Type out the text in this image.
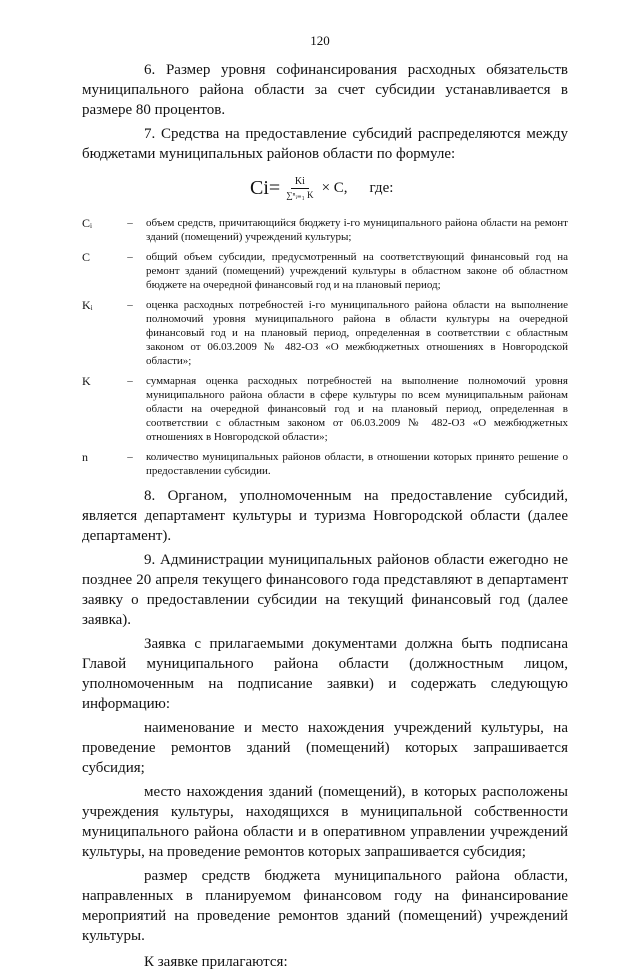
120

6. Размер уровня софинансирования расходных обязательств муниципального района области за счет субсидии устанавливается в размере 80 процентов.

7. Средства на предоставление субсидий распределяются между бюджетами муниципальных районов области по формуле:

$Ci= \frac{Ki}{\text{∑ⁿᵢ₌₁ K}} \times С$, где:
Cᵢ	–	объем средств, причитающийся бюджету i-го муниципального района области на ремонт зданий (помещений) учреждений культуры;
С	–	общий объем субсидии, предусмотренный на соответствующий финансовый год на ремонт зданий (помещений) учреждений культуры в областном законе об областном бюджете на очередной финансовый год и на плановый период;
Kᵢ	–	оценка расходных потребностей i-го муниципального района области на выполнение полномочий уровня муниципального района в области культуры на очередной финансовый год и на плановый период, определенная в соответствии с областным законом от 06.03.2009 № 482-ОЗ «О межбюджетных отношениях в Новгородской области»;
K	–	суммарная оценка расходных потребностей на выполнение полномочий уровня муниципального района области в сфере культуры по всем муниципальным районам области на очередной финансовый год и на плановый период, определенная в соответствии с областным законом от 06.03.2009 № 482-ОЗ «О межбюджетных отношениях в Новгородской области»;
n	–	количество муниципальных районов области, в отношении которых принято решение о предоставлении субсидии.

8. Органом, уполномоченным на предоставление субсидий, является департамент культуры и туризма Новгородской области (далее департамент).

9. Администрации муниципальных районов области ежегодно не позднее 20 апреля текущего финансового года представляют в департамент заявку о предоставлении субсидии на текущий финансовый год (далее заявка).

Заявка с прилагаемыми документами должна быть подписана Главой муниципального района области (должностным лицом, уполномоченным на подписание заявки) и содержать следующую информацию:

наименование и место нахождения учреждений культуры, на проведение ремонтов зданий (помещений) которых запрашивается субсидия;

место нахождения зданий (помещений), в которых расположены учреждения культуры, находящихся в муниципальной собственности муниципального района области и в оперативном управлении учреждений культуры, на проведение ремонтов которых запрашивается субсидия;

размер средств бюджета муниципального района области, направленных в планируемом финансовом году на финансирование мероприятий на проведение ремонтов зданий (помещений) учреждений культуры.

К заявке прилагаются:
